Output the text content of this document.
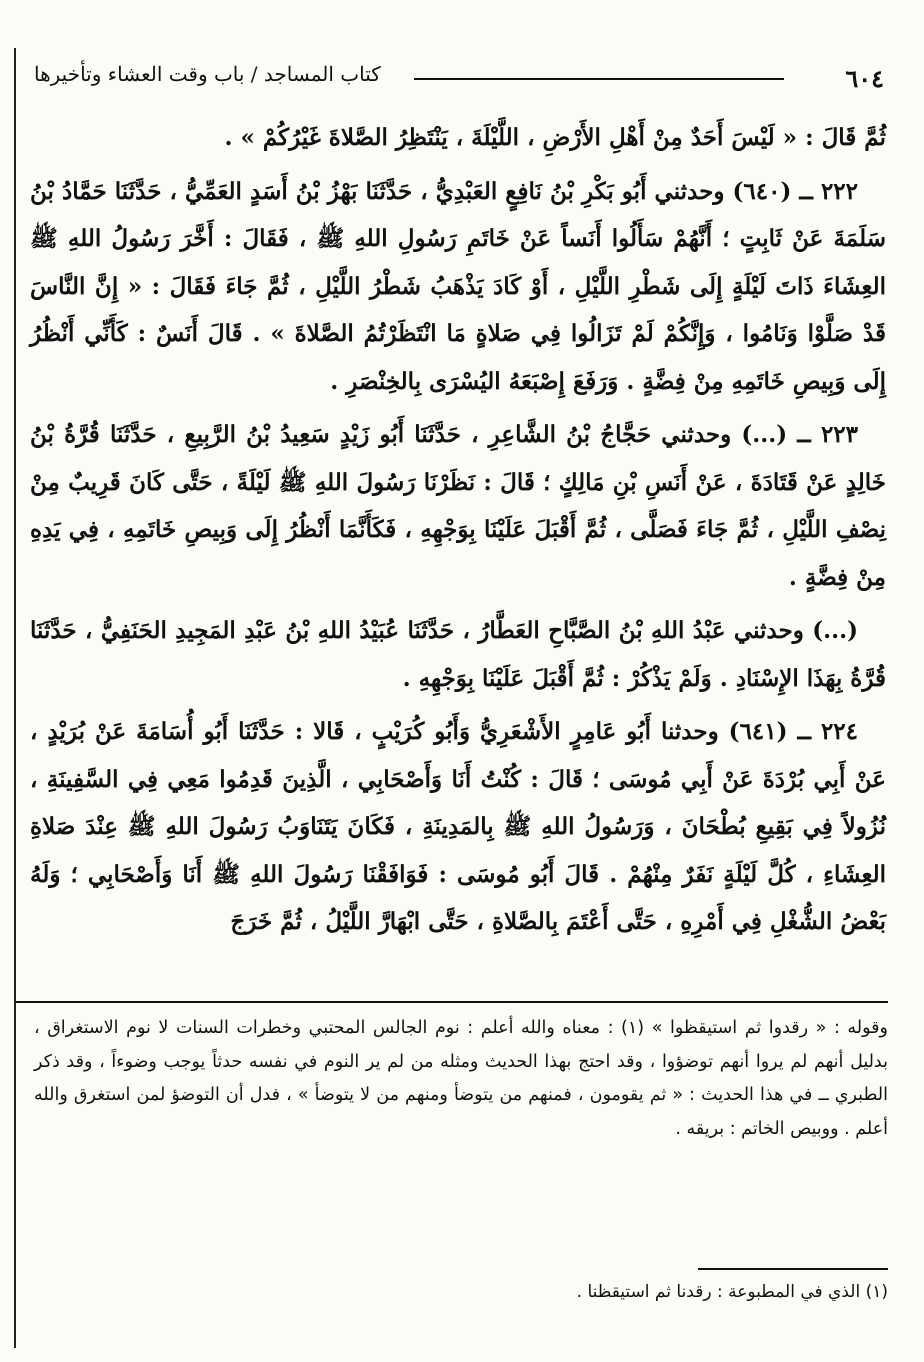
٦٠٤
كتاب المساجد / باب وقت العشاء وتأخيرها

ثُمَّ قَالَ : « لَيْسَ أَحَدٌ مِنْ أَهْلِ الأَرْضِ ، اللَّيْلَةَ ، يَنْتَظِرُ الصَّلاةَ غَيْرُكُمْ » .

٢٢٢ ــ (٦٤٠) وحدثني أَبُو بَكْرِ بْنُ نَافِعٍ العَبْدِيُّ ، حَدَّثَنَا بَهْزُ بْنُ أَسَدٍ العَمِّيُّ ، حَدَّثَنَا حَمَّادُ بْنُ سَلَمَةَ عَنْ ثَابِتٍ ؛ أَنَّهُمْ سَأَلُوا أَنَساً عَنْ خَاتَمِ رَسُولِ اللهِ ﷺ ، فَقَالَ : أَخَّرَ رَسُولُ اللهِ ﷺ العِشَاءَ ذَاتَ لَيْلَةٍ إِلَى شَطْرِ اللَّيْلِ ، أَوْ كَادَ يَذْهَبُ شَطْرُ اللَّيْلِ ، ثُمَّ جَاءَ فَقَالَ : « إِنَّ النَّاسَ قَدْ صَلَّوْا وَنَامُوا ، وَإِنَّكُمْ لَمْ تَزَالُوا فِي صَلاةٍ مَا انْتَظَرْتُمُ الصَّلاةَ » . قَالَ أَنَسٌ : كَأَنِّي أَنْظُرُ إِلَى وَبِيصِ خَاتَمِهِ مِنْ فِضَّةٍ . وَرَفَعَ إِصْبَعَهُ اليُسْرَى بِالخِنْصَرِ .

٢٢٣ ــ (...) وحدثني حَجَّاجُ بْنُ الشَّاعِرِ ، حَدَّثَنَا أَبُو زَيْدٍ سَعِيدُ بْنُ الرَّبِيعِ ، حَدَّثَنَا قُرَّةُ بْنُ خَالِدٍ عَنْ قَتَادَةَ ، عَنْ أَنَسِ بْنِ مَالِكٍ ؛ قَالَ : نَظَرْنَا رَسُولَ اللهِ ﷺ لَيْلَةً ، حَتَّى كَانَ قَرِيبٌ مِنْ نِصْفِ اللَّيْلِ ، ثُمَّ جَاءَ فَصَلَّى ، ثُمَّ أَقْبَلَ عَلَيْنَا بِوَجْهِهِ ، فَكَأَنَّمَا أَنْظُرُ إِلَى وَبِيصِ خَاتَمِهِ ، فِي يَدِهِ مِنْ فِضَّةٍ .

(...) وحدثني عَبْدُ اللهِ بْنُ الصَّبَّاحِ العَطَّارُ ، حَدَّثَنَا عُبَيْدُ اللهِ بْنُ عَبْدِ المَجِيدِ الحَنَفِيُّ ، حَدَّثَنَا قُرَّةُ بِهَذَا الإِسْنَادِ . وَلَمْ يَذْكُرْ : ثُمَّ أَقْبَلَ عَلَيْنَا بِوَجْهِهِ .

٢٢٤ ــ (٦٤١) وحدثنا أَبُو عَامِرٍ الأَشْعَرِيُّ وَأَبُو كُرَيْبٍ ، قَالا : حَدَّثَنَا أَبُو أُسَامَةَ عَنْ بُرَيْدٍ ، عَنْ أَبِي بُرْدَةَ عَنْ أَبِي مُوسَى ؛ قَالَ : كُنْتُ أَنَا وَأَصْحَابِي ، الَّذِينَ قَدِمُوا مَعِي فِي السَّفِينَةِ ، نُزُولاً فِي بَقِيعِ بُطْحَانَ ، وَرَسُولُ اللهِ ﷺ بِالمَدِينَةِ ، فَكَانَ يَتَنَاوَبُ رَسُولَ اللهِ ﷺ عِنْدَ صَلاةِ العِشَاءِ ، كُلَّ لَيْلَةٍ نَفَرٌ مِنْهُمْ . قَالَ أَبُو مُوسَى : فَوَافَقْنَا رَسُولَ اللهِ ﷺ أَنَا وَأَصْحَابِي ؛ وَلَهُ بَعْضُ الشُّغْلِ فِي أَمْرِهِ ، حَتَّى أَعْتَمَ بِالصَّلاةِ ، حَتَّى ابْهَارَّ اللَّيْلُ ، ثُمَّ خَرَجَ

وقوله : « رقدوا ثم استيقظوا » (١) : معناه والله أعلم : نوم الجالس المحتبي وخطرات السنات لا نوم الاستغراق ، بدليل أنهم لم يروا أنهم توضؤوا ، وقد احتج بهذا الحديث ومثله من لم ير النوم في نفسه حدثاً يوجب وضوءاً ، وقد ذكر الطبري ــ في هذا الحديث : « ثم يقومون ، فمنهم من يتوضأ ومنهم من لا يتوضأ » ، فدل أن التوضؤ لمن استغرق والله أعلم . ووبيص الخاتم : بريقه .
(١) الذي في المطبوعة : رقدنا ثم استيقظنا .
